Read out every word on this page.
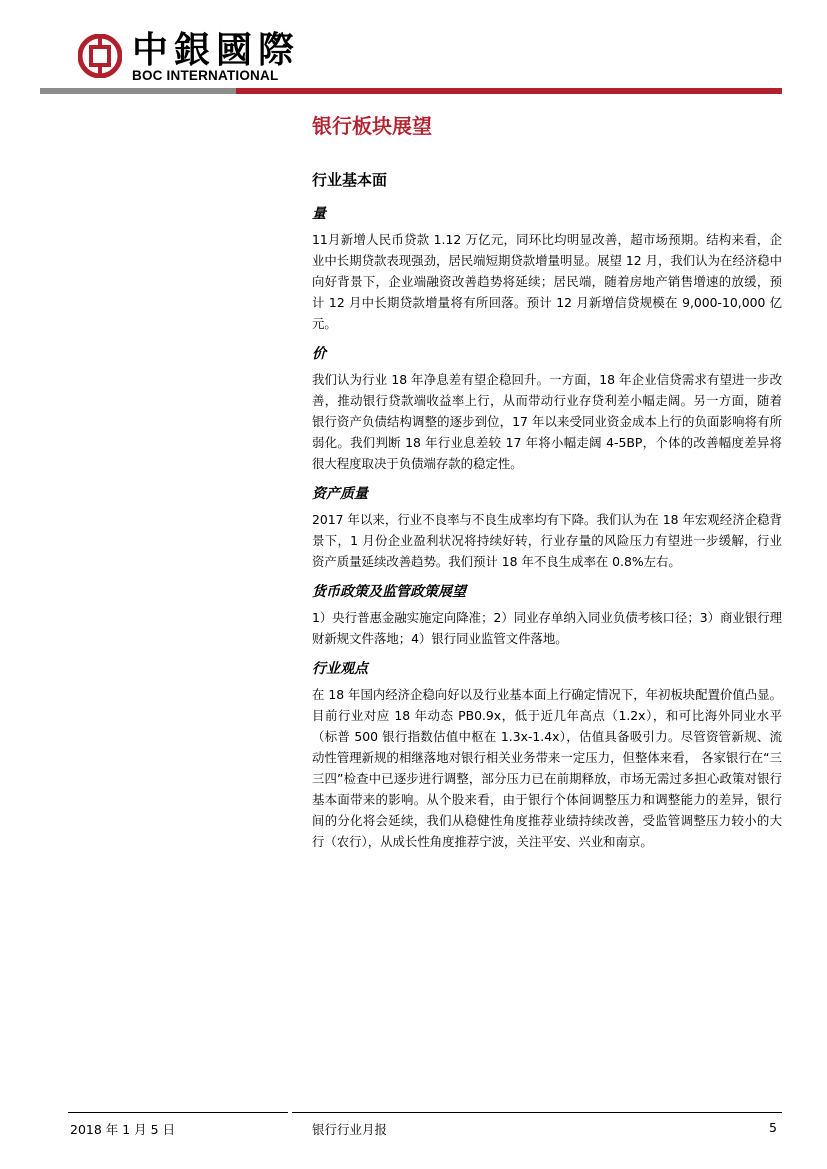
中銀國際
BOC INTERNATIONAL
银行板块展望
行业基本面
量

11月新增人民币贷款 1.12 万亿元，同环比均明显改善，超市场预期。结构来看，企业中长期贷款表现强劲，居民端短期贷款增量明显。展望 12 月，我们认为在经济稳中向好背景下，企业端融资改善趋势将延续；居民端，随着房地产销售增速的放缓，预计 12 月中长期贷款增量将有所回落。预计 12 月新增信贷规模在 9,000-10,000 亿元。

价

我们认为行业 18 年净息差有望企稳回升。一方面，18 年企业信贷需求有望进一步改善，推动银行贷款端收益率上行，从而带动行业存贷利差小幅走阔。另一方面，随着银行资产负债结构调整的逐步到位，17 年以来受同业资金成本上行的负面影响将有所弱化。我们判断 18 年行业息差较 17 年将小幅走阔 4-5BP，个体的改善幅度差异将很大程度取决于负债端存款的稳定性。

资产质量

2017 年以来，行业不良率与不良生成率均有下降。我们认为在 18 年宏观经济企稳背景下，1 月份企业盈利状况将持续好转，行业存量的风险压力有望进一步缓解，行业资产质量延续改善趋势。我们预计 18 年不良生成率在 0.8%左右。

货币政策及监管政策展望

1）央行普惠金融实施定向降准；2）同业存单纳入同业负债考核口径；3）商业银行理财新规文件落地；4）银行同业监管文件落地。

行业观点

在 18 年国内经济企稳向好以及行业基本面上行确定情况下，年初板块配置价值凸显。目前行业对应 18 年动态 PB0.9x，低于近几年高点（1.2x），和可比海外同业水平（标普 500 银行指数估值中枢在 1.3x-1.4x），估值具备吸引力。尽管资管新规、流动性管理新规的相继落地对银行相关业务带来一定压力，但整体来看， 各家银行在“三三四”检查中已逐步进行调整，部分压力已在前期释放，市场无需过多担心政策对银行基本面带来的影响。从个股来看，由于银行个体间调整压力和调整能力的差异，银行间的分化将会延续，我们从稳健性角度推荐业绩持续改善，受监管调整压力较小的大行（农行），从成长性角度推荐宁波，关注平安、兴业和南京。

2018 年 1 月 5 日	银行行业月报	5
